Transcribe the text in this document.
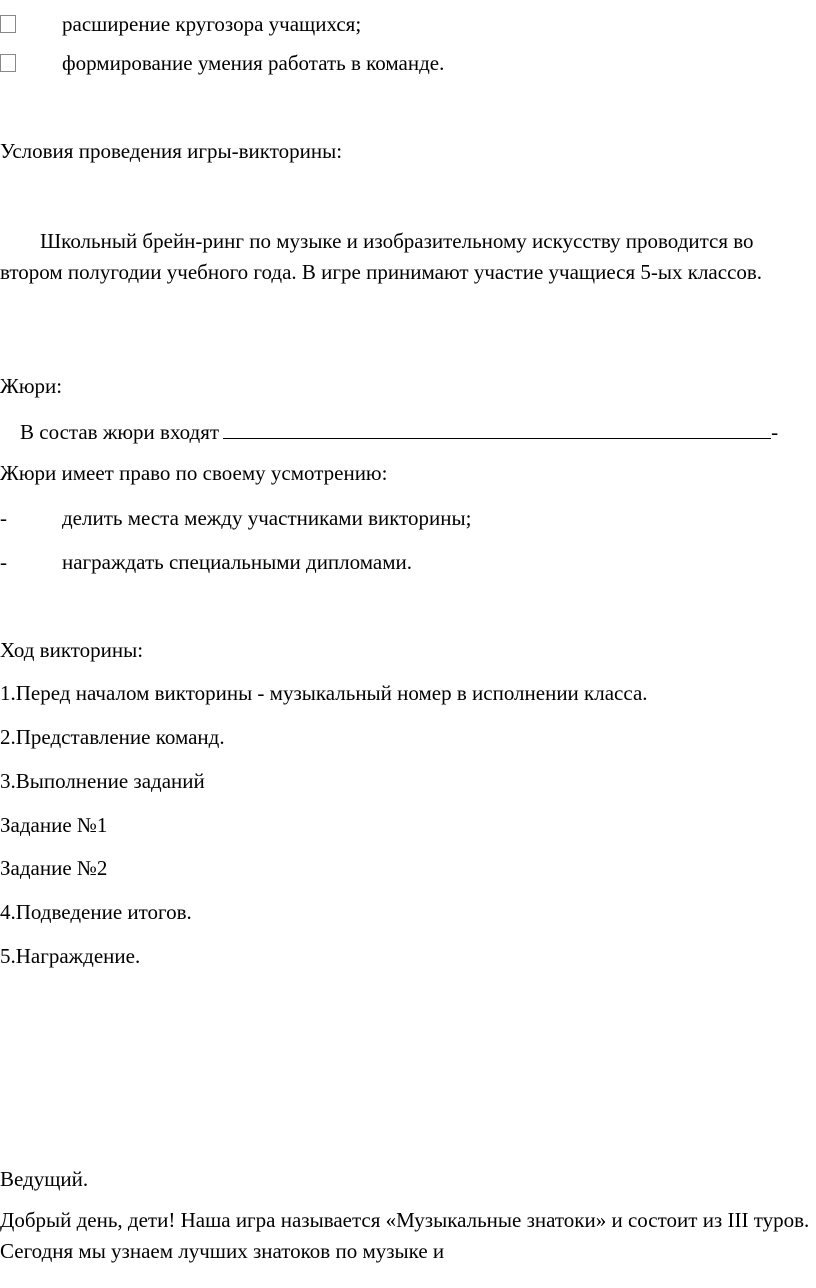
расширение кругозора учащихся;
формирование умения работать в команде.
Условия проведения игры-викторины:
Школьный брейн-ринг по музыке и изобразительному искусству проводится во втором полугодии учебного года. В игре принимают участие учащиеся 5-ых классов.
Жюри:
В состав жюри входят	-
Жюри имеет право по своему усмотрению:
-	делить места между участниками викторины;
-	награждать специальными дипломами.
Ход викторины:
1.Перед началом викторины - музыкальный номер в исполнении класса.
2.Представление команд.
3.Выполнение заданий
Задание №1
Задание №2
4.Подведение итогов.
5.Награждение.
Ведущий.
Добрый день, дети! Наша игра называется «Музыкальные знатоки» и состоит из III туров. Сегодня мы узнаем лучших знатоков по музыке и
